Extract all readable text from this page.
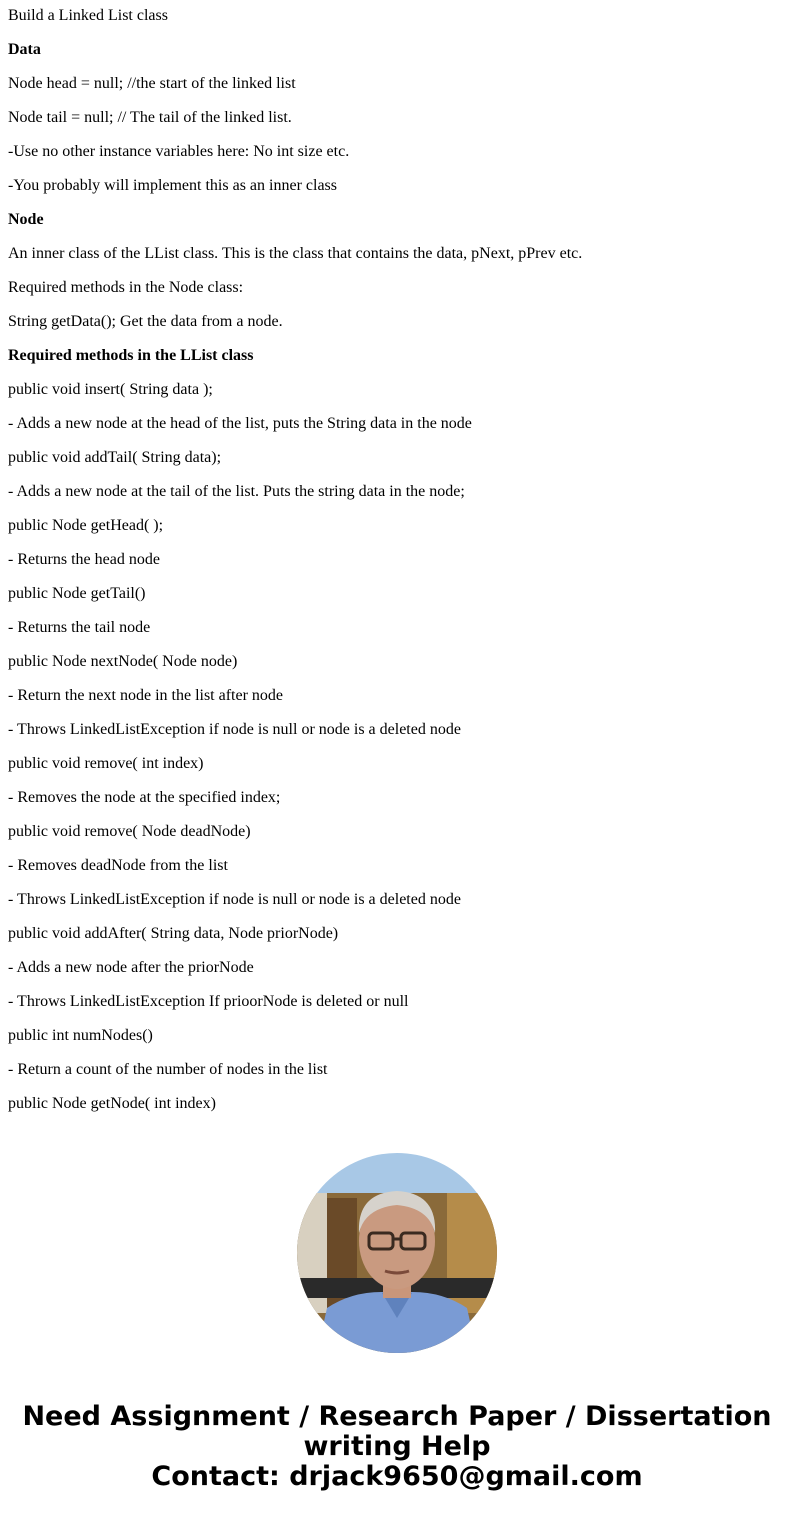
Build a Linked List class

Data

Node head = null; //the start of the linked list

Node tail = null; // The tail of the linked list.

-Use no other instance variables here: No int size etc.

-You probably will implement this as an inner class

Node

An inner class of the LList class. This is the class that contains the data, pNext, pPrev etc.

Required methods in the Node class:

String getData(); Get the data from a node.

Required methods in the LList class

public void insert( String data );

- Adds a new node at the head of the list, puts the String data in the node

public void addTail( String data);

- Adds a new node at the tail of the list. Puts the string data in the node;

public Node getHead( );

- Returns the head node

public Node getTail()

- Returns the tail node

public Node nextNode( Node node)

- Return the next node in the list after node

- Throws LinkedListException if node is null or node is a deleted node

public void remove( int index)

- Removes the node at the specified index;

public void remove( Node deadNode)

- Removes deadNode from the list

- Throws LinkedListException if node is null or node is a deleted node

public void addAfter( String data, Node priorNode)

- Adds a new node after the priorNode

- Throws LinkedListException If prioorNode is deleted or null

public int numNodes()

- Return a count of the number of nodes in the list

public Node getNode( int index)

Need Assignment / Research Paper / Dissertation
writing Help
Contact: drjack9650@gmail.com
